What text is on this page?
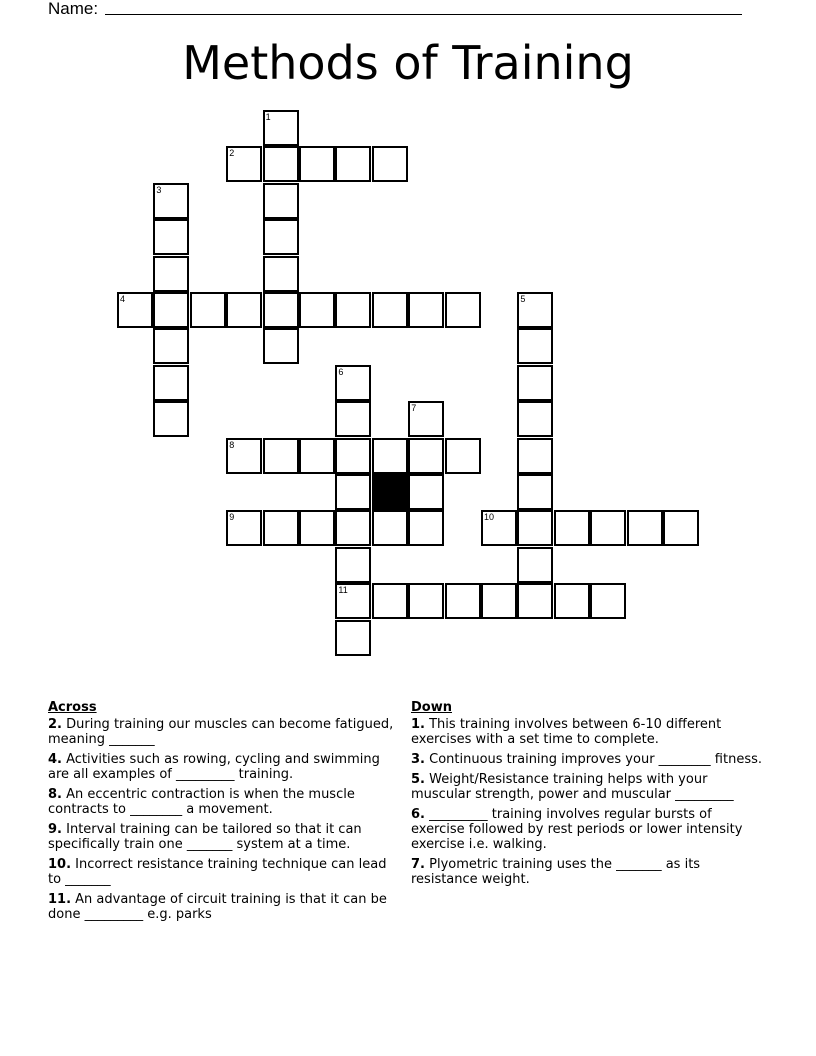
Name:
Methods of Training
1
2
3
4	5
6
11
7
8
9	10
Across
2. During training our muscles can become fatigued, meaning _______
4. Activities such as rowing, cycling and swimming are all examples of _________ training.
8. An eccentric contraction is when the muscle contracts to ________ a movement.
9. Interval training can be tailored so that it can specifically train one _______ system at a time.
10. Incorrect resistance training technique can lead to _______
11. An advantage of circuit training is that it can be done _________ e.g. parks
Down
1. This training involves between 6-10 different exercises with a set time to complete.
3. Continuous training improves your ________ fitness.
5. Weight/Resistance training helps with your muscular strength, power and muscular _________
6. _________ training involves regular bursts of exercise followed by rest periods or lower intensity exercise i.e. walking.
7. Plyometric training uses the _______ as its resistance weight.
